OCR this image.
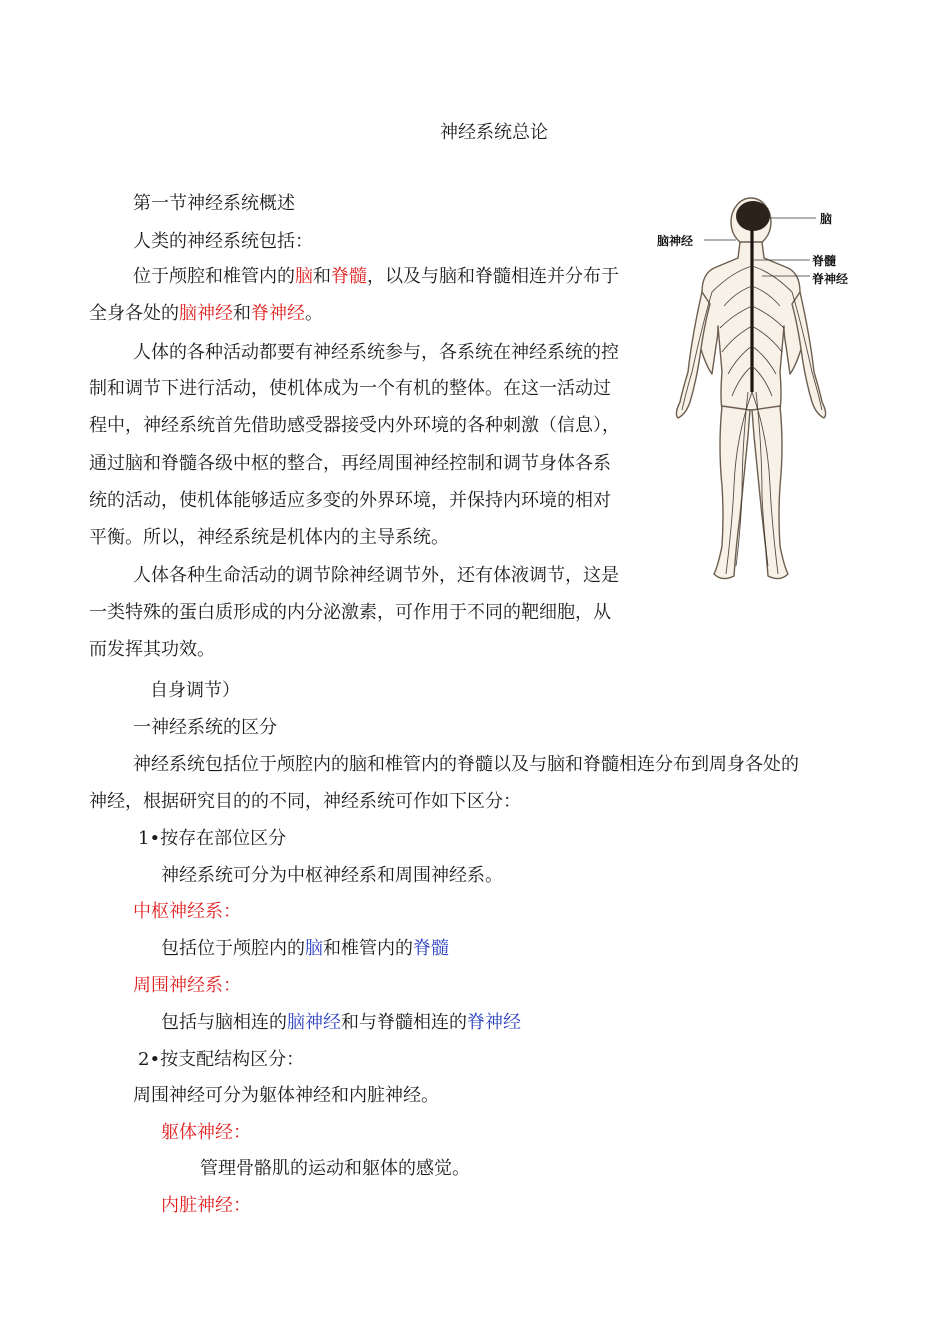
神经系统总论
第一节神经系统概述
人类的神经系统包括：
位于颅腔和椎管内的脑和脊髓，以及与脑和脊髓相连并分布于
全身各处的脑神经和脊神经。
人体的各种活动都要有神经系统参与，各系统在神经系统的控
制和调节下进行活动，使机体成为一个有机的整体。在这一活动过
程中，神经系统首先借助感受器接受内外环境的各种刺激（信息），
通过脑和脊髓各级中枢的整合，再经周围神经控制和调节身体各系
统的活动，使机体能够适应多变的外界环境，并保持内环境的相对
平衡。所以，神经系统是机体内的主导系统。
人体各种生命活动的调节除神经调节外，还有体液调节，这是
一类特殊的蛋白质形成的内分泌激素，可作用于不同的靶细胞，从
而发挥其功效。
自身调节）
一神经系统的区分
神经系统包括位于颅腔内的脑和椎管内的脊髓以及与脑和脊髓相连分布到周身各处的
神经，根据研究目的的不同，神经系统可作如下区分：
1•按存在部位区分
神经系统可分为中枢神经系和周围神经系。
中枢神经系：
包括位于颅腔内的脑和椎管内的脊髓
周围神经系：
包括与脑相连的脑神经和与脊髓相连的脊神经
2•按支配结构区分：
周围神经可分为躯体神经和内脏神经。
躯体神经：
管理骨骼肌的运动和躯体的感觉。
内脏神经：
脑
脑神经
脊髓
脊神经
